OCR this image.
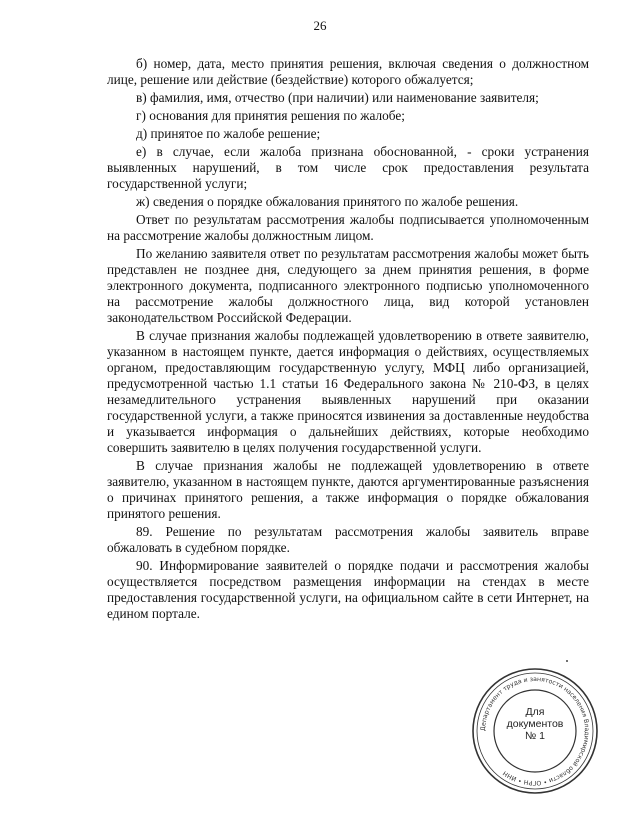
26

б) номер, дата, место принятия решения, включая сведения о должностном лице, решение или действие (бездействие) которого обжалуется;

в) фамилия, имя, отчество (при наличии) или наименование заявителя;

г) основания для принятия решения по жалобе;

д) принятое по жалобе решение;

е) в случае, если жалоба признана обоснованной, - сроки устранения выявленных нарушений, в том числе срок предоставления результата государственной услуги;

ж) сведения о порядке обжалования принятого по жалобе решения.

Ответ по результатам рассмотрения жалобы подписывается уполномоченным на рассмотрение жалобы должностным лицом.

По желанию заявителя ответ по результатам рассмотрения жалобы может быть представлен не позднее дня, следующего за днем принятия решения, в форме электронного документа, подписанного электронного подписью уполномоченного на рассмотрение жалобы должностного лица, вид которой установлен законодательством Российской Федерации.

В случае признания жалобы подлежащей удовлетворению в ответе заявителю, указанном в настоящем пункте, дается информация о действиях, осуществляемых органом, предоставляющим государственную услугу, МФЦ либо организацией, предусмотренной частью 1.1 статьи 16 Федерального закона № 210-ФЗ, в целях незамедлительного устранения выявленных нарушений при оказании государственной услуги, а также приносятся извинения за доставленные неудобства и указывается информация о дальнейших действиях, которые необходимо совершить заявителю в целях получения государственной услуги.

В случае признания жалобы не подлежащей удовлетворению в ответе заявителю, указанном в настоящем пункте, даются аргументированные разъяснения о причинах принятого решения, а также информация о порядке обжалования принятого решения.

89. Решение по результатам рассмотрения жалобы заявитель вправе обжаловать в судебном порядке.

90. Информирование заявителей о порядке подачи и рассмотрения жалобы осуществляется посредством размещения информации на стендах в месте предоставления государственной услуги, на официальном сайте в сети Интернет, на едином портале.

Департамент труда и занятости населения Владимирской области • ОГРН • ИНН
Для
документов
№ 1
